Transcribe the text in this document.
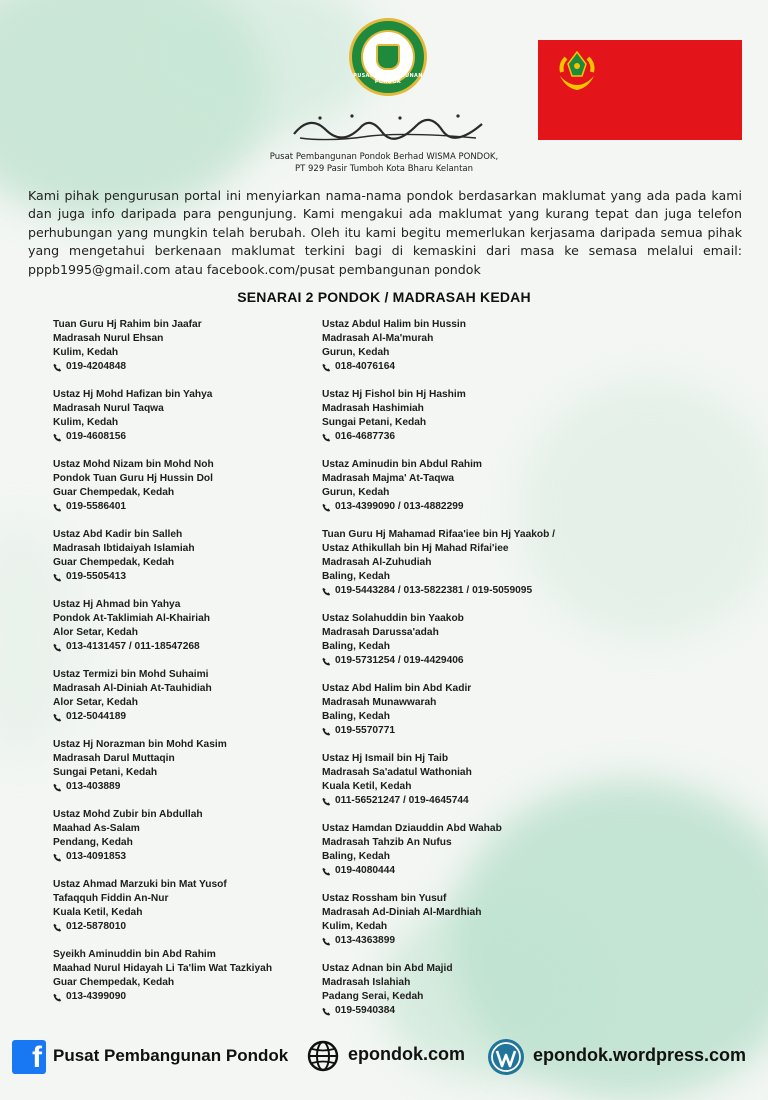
PUSAT PEMBANGUNAN PONDOK
Pusat Pembangunan Pondok Berhad WISMA PONDOK,
PT 929 Pasir Tumboh Kota Bharu Kelantan
Kami pihak pengurusan portal ini menyiarkan nama-nama pondok berdasarkan maklumat yang ada pada kami dan juga info daripada para pengunjung. Kami mengakui ada maklumat yang kurang tepat dan juga telefon perhubungan yang mungkin telah berubah. Oleh itu kami begitu memerlukan kerjasama daripada semua pihak yang mengetahui berkenaan maklumat terkini bagi di kemaskini dari masa ke semasa melalui email: pppb1995@gmail.com atau facebook.com/pusat pembangunan pondok
SENARAI 2 PONDOK / MADRASAH KEDAH
Tuan Guru Hj Rahim bin Jaafar
Madrasah Nurul Ehsan
Kulim, Kedah
019-4204848
Ustaz Hj Mohd Hafizan bin Yahya
Madrasah Nurul Taqwa
Kulim, Kedah
019-4608156
Ustaz Mohd Nizam bin Mohd Noh
Pondok Tuan Guru Hj Hussin Dol
Guar Chempedak, Kedah
019-5586401
Ustaz Abd Kadir bin Salleh
Madrasah Ibtidaiyah Islamiah
Guar Chempedak, Kedah
019-5505413
Ustaz Hj Ahmad bin Yahya
Pondok At-Taklimiah Al-Khairiah
Alor Setar, Kedah
013-4131457 / 011-18547268
Ustaz Termizi bin Mohd Suhaimi
Madrasah Al-Diniah At-Tauhidiah
Alor Setar, Kedah
012-5044189
Ustaz Hj Norazman bin Mohd Kasim
Madrasah Darul Muttaqin
Sungai Petani, Kedah
013-403889
Ustaz Mohd Zubir bin Abdullah
Maahad As-Salam
Pendang, Kedah
013-4091853
Ustaz Ahmad Marzuki bin Mat Yusof
Tafaqquh Fiddin An-Nur
Kuala Ketil, Kedah
012-5878010
Syeikh Aminuddin bin Abd Rahim
Maahad Nurul Hidayah Li Ta'lim Wat Tazkiyah
Guar Chempedak, Kedah
013-4399090
Ustaz Abdul Halim bin Hussin
Madrasah Al-Ma'murah
Gurun, Kedah
018-4076164
Ustaz Hj Fishol bin Hj Hashim
Madrasah Hashimiah
Sungai Petani, Kedah
016-4687736
Ustaz Aminudin bin Abdul Rahim
Madrasah Majma' At-Taqwa
Gurun, Kedah
013-4399090 / 013-4882299
Tuan Guru Hj Mahamad Rifaa'iee bin Hj Yaakob /
Ustaz Athikullah bin Hj Mahad Rifai'iee
Madrasah Al-Zuhudiah
Baling, Kedah
019-5443284 / 013-5822381 / 019-5059095
Ustaz Solahuddin bin Yaakob
Madrasah Darussa'adah
Baling, Kedah
019-5731254 / 019-4429406
Ustaz Abd Halim bin Abd Kadir
Madrasah Munawwarah
Baling, Kedah
019-5570771
Ustaz Hj Ismail bin Hj Taib
Madrasah Sa'adatul Wathoniah
Kuala Ketil, Kedah
011-56521247 / 019-4645744
Ustaz Hamdan Dziauddin Abd Wahab
Madrasah Tahzib An Nufus
Baling, Kedah
019-4080444
Ustaz Rossham bin Yusuf
Madrasah Ad-Diniah Al-Mardhiah
Kulim, Kedah
013-4363899
Ustaz Adnan bin Abd Majid
Madrasah Islahiah
Padang Serai, Kedah
019-5940384
f Pusat Pembangunan Pondok	epondok.com	epondok.wordpress.com
